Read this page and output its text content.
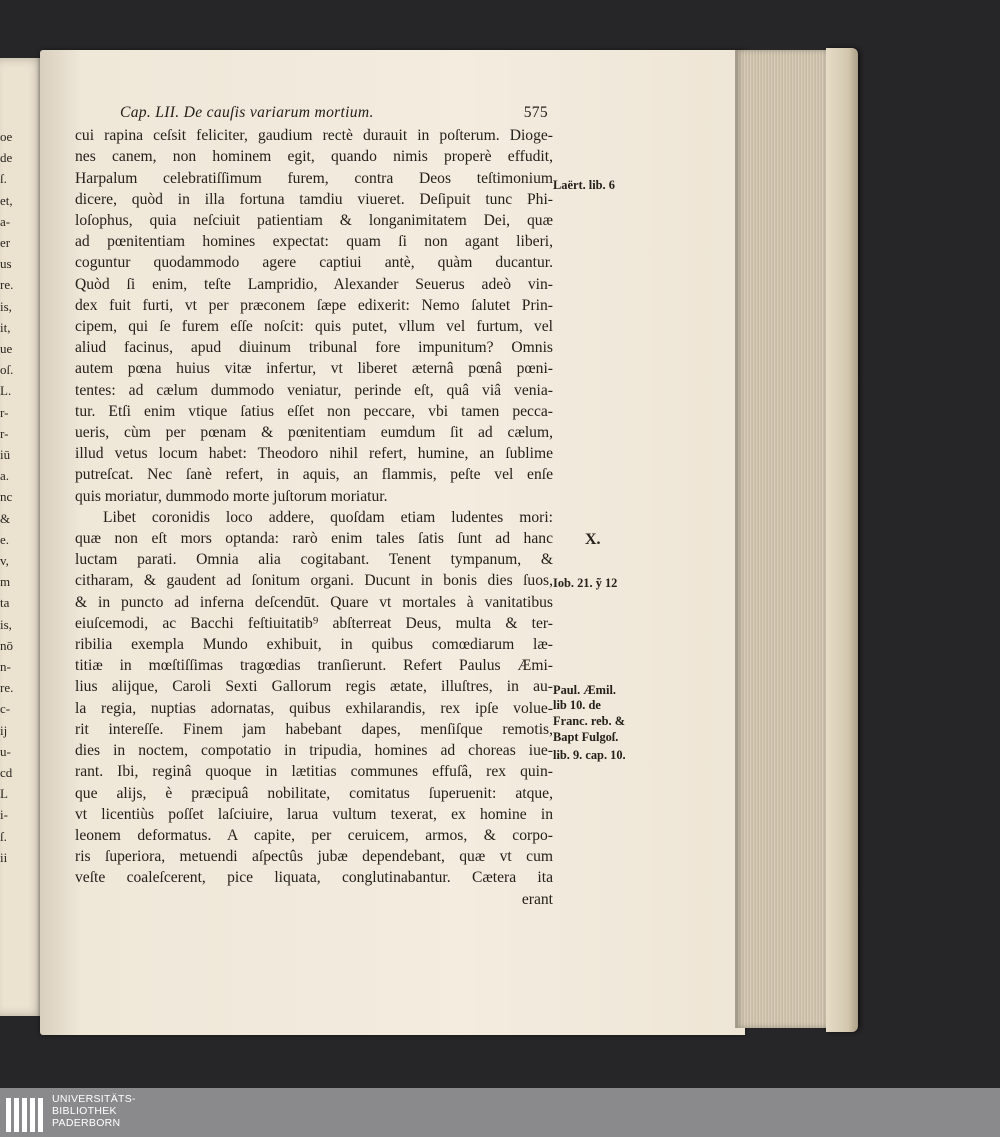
oe
de
ſ.
et,
a-
er
us
re.
is,
it,
ue
oſ.
L.
r-
r-
iū
a.
nc
&
e.
v,
m
ta
is,
nō
n-
re.
c-
ij
u-
cd
L
i-
ſ.
ii
Cap. LII. De cauſis variarum mortium.	575
cui rapina ceſsit feliciter, gaudium rectè durauit in poſterum. Dioge-
nes canem, non hominem egit, quando nimis properè effudit,
Harpalum celebratiſſimum furem, contra Deos teſtimonium
dicere, quòd in illa fortuna tamdiu viueret. Deſipuit tunc Phi-
loſophus, quia neſciuit patientiam & longanimitatem Dei, quæ
ad pœnitentiam homines expectat: quam ſi non agant liberi,
coguntur quodammodo agere captiui antè, quàm ducantur.
Quòd ſi enim, teſte Lampridio, Alexander Seuerus adeò vin-
dex fuit furti, vt per præconem ſæpe edixerit: Nemo ſalutet Prin-
cipem, qui ſe furem eſſe noſcit: quis putet, vllum vel furtum, vel
aliud facinus, apud diuinum tribunal fore impunitum? Omnis
autem pœna huius vitæ infertur, vt liberet æternâ pœnâ pœni-
tentes: ad cælum dummodo veniatur, perinde eſt, quâ viâ venia-
tur. Etſi enim vtique ſatius eſſet non peccare, vbi tamen pecca-
ueris, cùm per pœnam & pœnitentiam eumdum ſit ad cælum,
illud vetus locum habet: Theodoro nihil refert, humine, an ſublime
putreſcat. Nec ſanè refert, in aquis, an flammis, peſte vel enſe
quis moriatur, dummodo morte juſtorum moriatur.
Libet coronidis loco addere, quoſdam etiam ludentes mori:
quæ non eſt mors optanda: rarò enim tales ſatis ſunt ad hanc
luctam parati. Omnia alia cogitabant. Tenent tympanum, &
citharam, & gaudent ad ſonitum organi. Ducunt in bonis dies ſuos,
& in puncto ad inferna deſcendūt. Quare vt mortales à vanitatibus
eiuſcemodi, ac Bacchi feſtiuitatib⁹ abſterreat Deus, multa & ter-
ribilia exempla Mundo exhibuit, in quibus comœdiarum læ-
titiæ in mœſtiſſimas tragœdias tranſierunt. Refert Paulus Æmi-
lius alijque, Caroli Sexti Gallorum regis ætate, illuſtres, in au-
la regia, nuptias adornatas, quibus exhilarandis, rex ipſe volue-
rit intereſſe. Finem jam habebant dapes, menſiſque remotis,
dies in noctem, compotatio in tripudia, homines ad choreas iue-
rant. Ibi, reginâ quoque in lætitias communes effuſâ, rex quin-
que alijs, è præcipuâ nobilitate, comitatus ſuperuenit: atque,
vt licentiùs poſſet laſciuire, larua vultum texerat, ex homine in
leonem deformatus. A capite, per ceruicem, armos, & corpo-
ris ſuperiora, metuendi aſpectûs jubæ dependebant, quæ vt cum
veſte coaleſcerent, pice liquata, conglutinabantur. Cætera ita
erant
Laërt. lib. 6
X.
Iob. 21. ỹ 12
Paul. Æmil.
lib 10. de
Franc. reb. &
Bapt Fulgoſ.
lib. 9. cap. 10.
UNIVERSITÄTS-
BIBLIOTHEK
PADERBORN
